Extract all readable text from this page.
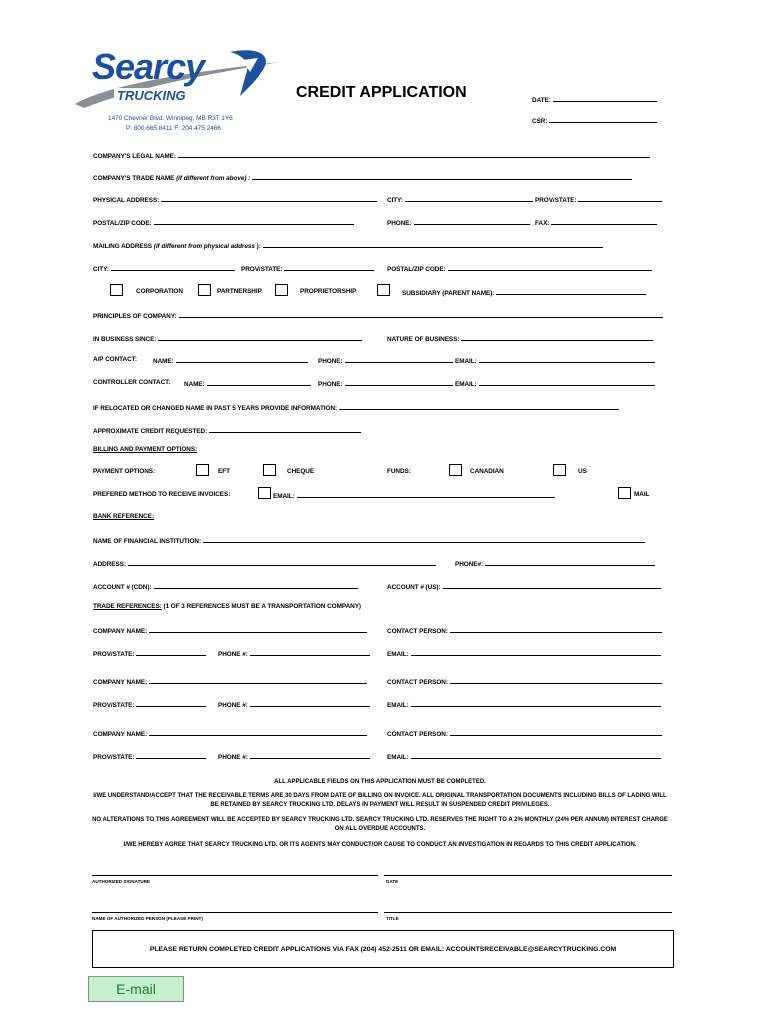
Searcy
TRUCKING
1470 Chevrier Blvd. Winnipeg, MB R3T 1Y6
P: 800.665.8411 F: 204.475.2466
CREDIT APPLICATION	DATE:
CSR:
COMPANY'S LEGAL NAME:
COMPANY'S TRADE NAME (if different from above) :
PHYSICAL ADDRESS:	CITY:	PROV/STATE:
POSTAL/ZIP CODE:	PHONE:	FAX:
MAILING ADDRESS (if different from physical address ):
CITY:	PROV/STATE:	POSTAL/ZIP CODE:
CORPORATION	PARTNERSHIP	PROPRIETORSHIP	SUBSIDIARY (PARENT NAME):
PRINCIPLES OF COMPANY:
IN BUSINESS SINCE:	NATURE OF BUSINESS:
A/P CONTACT:	NAME:	PHONE:	EMAIL:
CONTROLLER CONTACT: NAME:	PHONE:	EMAIL:
IF RELOCATED OR CHANGED NAME IN PAST 5 YEARS PROVIDE INFORMATION:
APPROXIMATE CREDIT REQUESTED:
BILLING AND PAYMENT OPTIONS:
PAYMENT OPTIONS:	EFT	CHEQUE	FUNDS:	CANADIAN	US
PREFERED METHOD TO RECEIVE INVOICES:	EMAIL:	MAIL
BANK REFERENCE:
NAME OF FINANCIAL INSTITUTION:
ADDRESS:	PHONE#:
ACCOUNT # (CDN):	ACCOUNT # (US):
TRADE REFERENCES: (1 OF 3 REFERENCES MUST BE A TRANSPORTATION COMPANY)
COMPANY NAME:	CONTACT PERSON:
PROV/STATE:	PHONE #:	EMAIL:
COMPANY NAME:	CONTACT PERSON:
PROV/STATE:	PHONE #:	EMAIL:
COMPANY NAME:	CONTACT PERSON:
PROV/STATE:	PHONE #:	EMAIL:
ALL APPLICABLE FIELDS ON THIS APPLICATION MUST BE COMPLETED.
I/WE UNDERSTAND/ACCEPT THAT THE RECEIVABLE TERMS ARE 30 DAYS FROM DATE OF BILLING ON INVOICE. ALL ORIGINAL TRANSPORTATION DOCUMENTS INCLUDING BILLS OF LADING WILL BE RETAINED BY SEARCY TRUCKING LTD. DELAYS IN PAYMENT WILL RESULT IN SUSPENDED CREDIT PRIVILEGES.
NO ALTERATIONS TO THIS AGREEMENT WILL BE ACCEPTED BY SEARCY TRUCKING LTD. SEARCY TRUCKING LTD. RESERVES THE RIGHT TO A 2% MONTHLY (24% PER ANNUM) INTEREST CHARGE ON ALL OVERDUE ACCOUNTS.
I/WE HEREBY AGREE THAT SEARCY TRUCKING LTD. OR ITS AGENTS MAY CONDUCT/OR CAUSE TO CONDUCT AN INVESTIGATION IN REGARDS TO THIS CREDIT APPLICATION.
AUTHORIZED SIGNATURE	DATE
NAME OF AUTHORIZED PERSON (PLEASE PRINT)	TITLE
PLEASE RETURN COMPLETED CREDIT APPLICATIONS VIA FAX (204) 452-2511 OR EMAIL: ACCOUNTSRECEIVABLE@SEARCYTRUCKING.COM
E-mail
